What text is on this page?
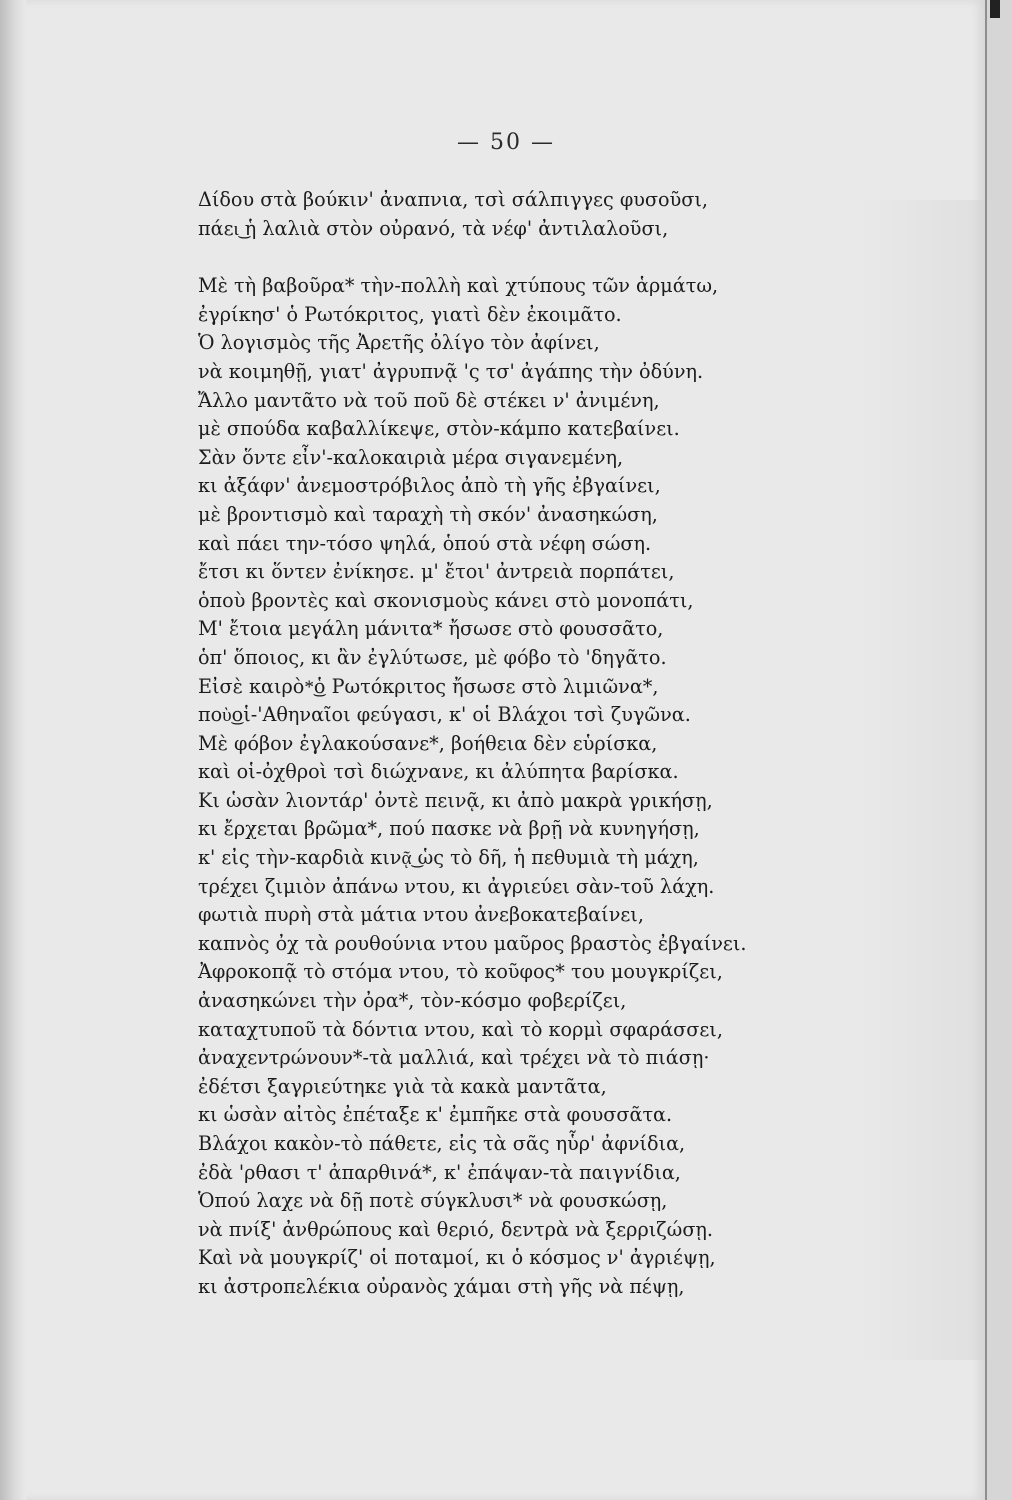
— 50 —
Δίδου στὰ βούκιν' ἀναπνια, τσὶ σάλπιγγες φυσοῦσι,
πάει͜ ἡ λαλιὰ στὸν οὐρανό, τὰ νέφ' ἀντιλαλοῦσι,
Μὲ τὴ βαβοῦρα* τὴν-πολλὴ καὶ χτύπους τῶν ἁρμάτω,
ἐγρίκησ' ὁ Ρωτόκριτος, γιατὶ δὲν ἐκοιμᾶτο.
Ὁ λογισμὸς τῆς Ἀρετῆς ὀλίγο τὸν ἀφίνει,
νὰ κοιμηθῇ, γιατ' ἀγρυπνᾷ 'ς τσ' ἀγάπης τὴν ὀδύνη.
Ἄλλο μαντᾶτο νὰ τοῦ ποῦ δὲ στέκει ν' ἀνιμένη,
μὲ σπούδα καβαλλίκεψε, στὸν-κάμπο κατεβαίνει.
Σὰν ὅντε εἶν'-καλοκαιριὰ μέρα σιγανεμένη,
κι ἀξάφν' ἀνεμοστρόβιλος ἀπὸ τὴ γῆς ἐβγαίνει,
μὲ βροντισμὸ καὶ ταραχὴ τὴ σκόν' ἀνασηκώση,
καὶ πάει την-τόσο ψηλά, ὁπού στὰ νέφη σώση.
ἔτσι κι ὅντεν ἐνίκησε. μ' ἔτοι' ἀντρειὰ πορπάτει,
ὁποὺ βροντὲς καὶ σκονισμοὺς κάνει στὸ μονοπάτι,
Μ' ἔτοια μεγάλη μάνιτα* ἤσωσε στὸ φουσσᾶτο,
ὁπ' ὅποιος, κι ἂν ἐγλύτωσε, μὲ φόβο τὸ 'δηγᾶτο.
Εἰσὲ καιρὸ*͜ὁ Ρωτόκριτος ἤσωσε στὸ λιμιῶνα*,
ποὺ͜οἱ-'Αθηναῖοι φεύγασι, κ' οἱ Βλάχοι τσὶ ζυγῶνα.
Μὲ φόβον ἐγλακούσανε*, βοήθεια δὲν εὑρίσκα,
καὶ οἱ-ὀχθροὶ τσὶ διώχνανε, κι ἀλύπητα βαρίσκα.
Κι ὡσὰν λιοντάρ' ὀντὲ πεινᾷ, κι ἀπὸ μακρὰ γρικήσῃ,
κι ἔρχεται βρῶμα*, πού πασκε νὰ βρῇ νὰ κυνηγήσῃ,
κ' εἰς τὴν-καρδιὰ κινᾷ͜ ὡς τὸ δῆ, ἡ πεθυμιὰ τὴ μάχη,
τρέχει ζιμιὸν ἀπάνω ντου, κι ἀγριεύει σὰν-τοῦ λάχη.
φωτιὰ πυρὴ στὰ μάτια ντου ἀνεβοκατεβαίνει,
καπνὸς ὀχ τὰ ρουθούνια ντου μαῦρος βραστὸς ἐβγαίνει.
Ἀφροκοπᾷ τὸ στόμα ντου, τὸ κοῦφος* του μουγκρίζει,
ἀνασηκώνει τὴν ὀρα*, τὸν-κόσμο φοβερίζει,
καταχτυποῦ τὰ δόντια ντου, καὶ τὸ κορμὶ σφαράσσει,
ἀναχεντρώνουν*-τὰ μαλλιά, καὶ τρέχει νὰ τὸ πιάσῃ·
ἐδέτσι ξαγριεύτηκε γιὰ τὰ κακὰ μαντᾶτα,
κι ὡσὰν αἰτὸς ἐπέταξε κ' ἐμπῆκε στὰ φουσσᾶτα.
Βλάχοι κακὸν-τὸ πάθετε, εἰς τὰ σᾶς ηὗρ' ἀφνίδια,
ἐδὰ 'ρθασι τ' ἀπαρθινά*, κ' ἐπάψαν-τὰ παιγνίδια,
Ὁπού λαχε νὰ δῇ ποτὲ σύγκλυσι* νὰ φουσκώσῃ,
νὰ πνίξ' ἀνθρώπους καὶ θεριό, δεντρὰ νὰ ξερριζώσῃ.
Καὶ νὰ μουγκρίζ' οἱ ποταμοί, κι ὁ κόσμος ν' ἀγριέψῃ,
κι ἀστροπελέκια οὐρανὸς χάμαι στὴ γῆς νὰ πέψῃ,
